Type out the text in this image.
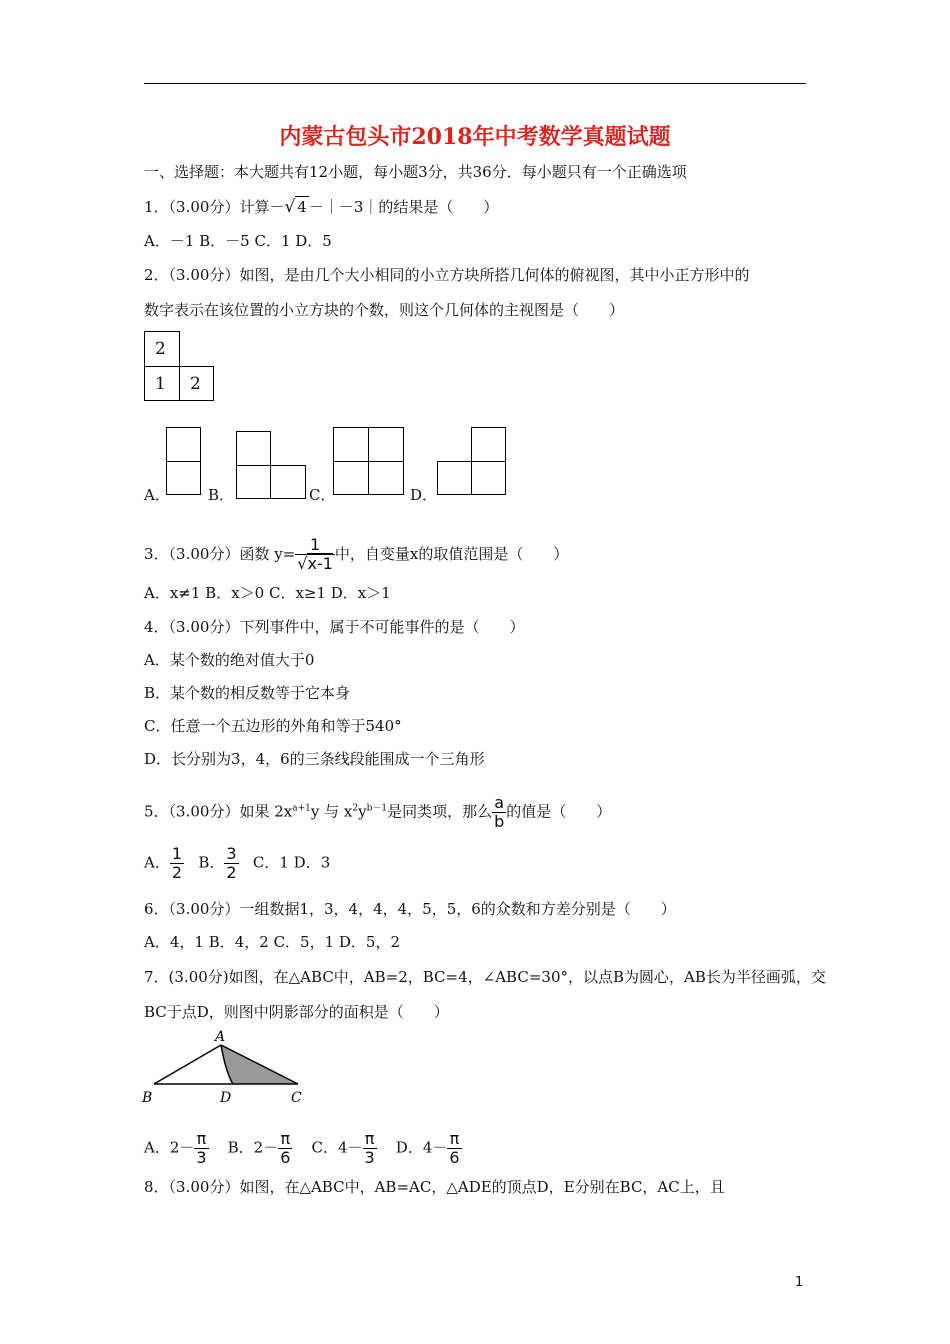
内蒙古包头市2018年中考数学真题试题
一、选择题：本大题共有12小题，每小题3分，共36分．每小题只有一个正确选项
1．（3.00分）计算－√ 4 －｜－3｜的结果是（　　）
A．－1 B．－5 C．1 D．5
2．（3.00分）如图，是由几个大小相同的小立方块所搭几何体的俯视图，其中小正方形中的
数字表示在该位置的小立方块的个数，则这个几何体的主视图是（　　）
2
1 2
A．	B．	C．	D．
3．（3.00分）函数 $y= \frac{1}{√x-1}$ 中，自变量x的取值范围是（　　）
A．x≠1 B．x＞0 C．x≥1 D．x＞1
4．（3.00分）下列事件中，属于不可能事件的是（　　）
A．某个数的绝对值大于0
B．某个数的相反数等于它本身
C．任意一个五边形的外角和等于540°
D．长分别为3，4，6的三条线段能围成一个三角形
5．（3.00分）如果 $2x^{a+1}y$ 与 $x^2y^{b-1}$是同类项，那么 $\frac{a}{b}$ 的值是（　　）
A． $\frac{1}{2}$ B． $\frac{3}{2}$ C．1 D．3
6．（3.00分）一组数据1，3，4，4，4，5，5，6的众数和方差分别是（　　）
A．4，1 B．4，2 C．5，1 D．5，2
7．(3.00分)如图，在△ABC中，AB=2，BC=4，∠ABC=30°，以点B为圆心，AB长为半径画弧，交
BC于点D，则图中阴影部分的面积是（　　）
A
B	D	C
A．$2- \frac{\pi}{3}$ B．$2- \frac{\pi}{6}$ C．$4- \frac{\pi}{3}$ D．$4- \frac{\pi}{6}$
8．（3.00分）如图，在△ABC中，AB=AC，△ADE的顶点D，E分别在BC，AC上，且
1
